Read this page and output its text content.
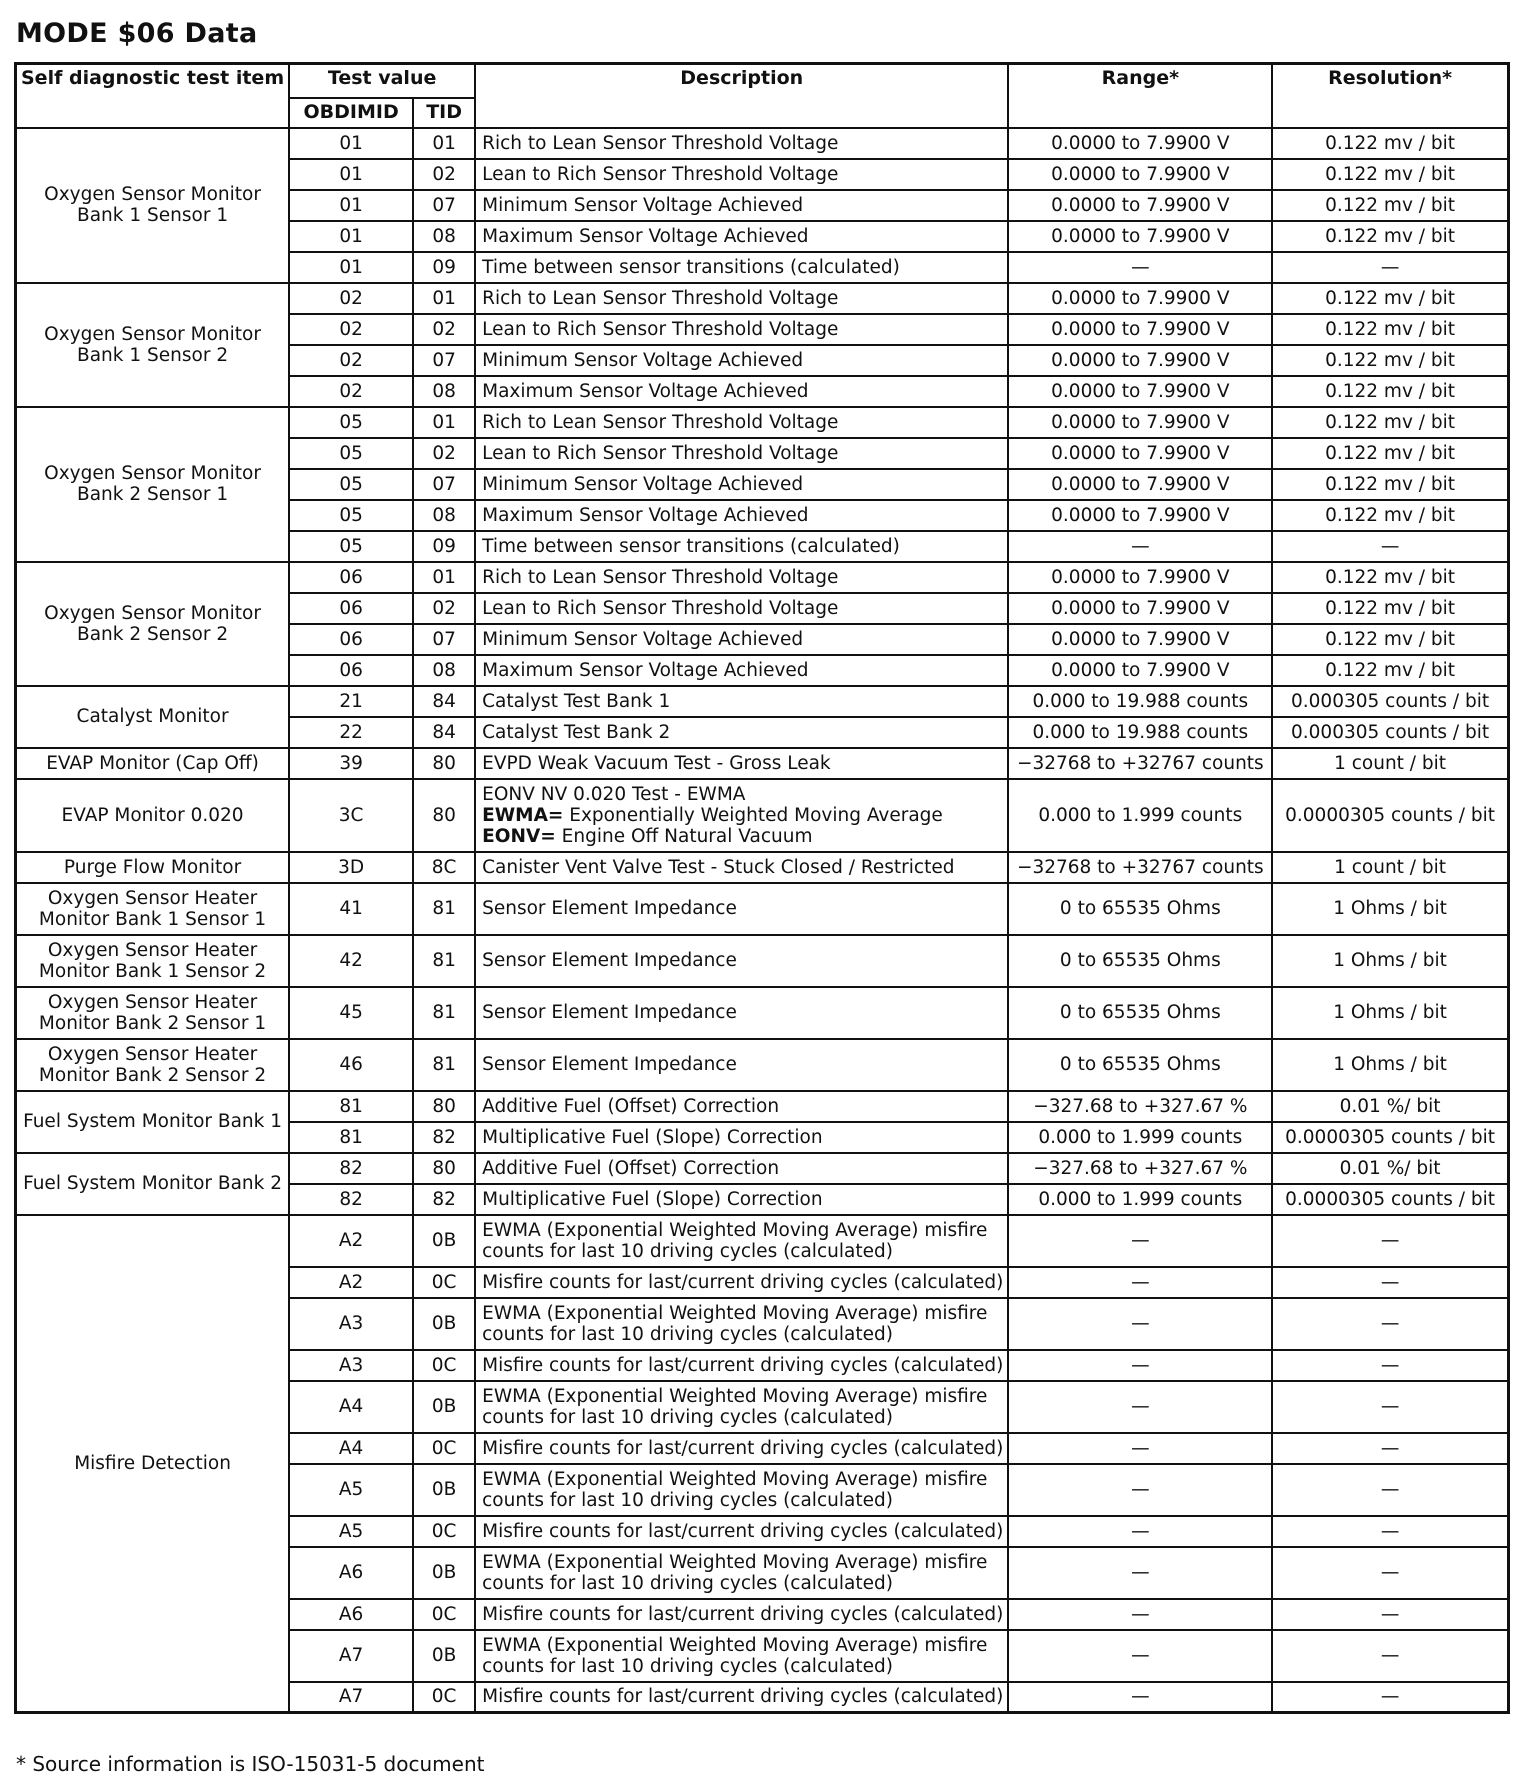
MODE $06 Data
Self diagnostic test item	Test value		Description	Range*	Resolution*
	OBDIMID	TID			
Oxygen Sensor Monitor Bank 1 Sensor 1	01	01	Rich to Lean Sensor Threshold Voltage	0.0000 to 7.9900 V	0.122 mv / bit
	01	02	Lean to Rich Sensor Threshold Voltage	0.0000 to 7.9900 V	0.122 mv / bit
	01	07	Minimum Sensor Voltage Achieved	0.0000 to 7.9900 V	0.122 mv / bit
	01	08	Maximum Sensor Voltage Achieved	0.0000 to 7.9900 V	0.122 mv / bit
	01	09	Time between sensor transitions (calculated)	—	—
Oxygen Sensor Monitor Bank 1 Sensor 2	02	01	Rich to Lean Sensor Threshold Voltage	0.0000 to 7.9900 V	0.122 mv / bit
	02	02	Lean to Rich Sensor Threshold Voltage	0.0000 to 7.9900 V	0.122 mv / bit
	02	07	Minimum Sensor Voltage Achieved	0.0000 to 7.9900 V	0.122 mv / bit
	02	08	Maximum Sensor Voltage Achieved	0.0000 to 7.9900 V	0.122 mv / bit
Oxygen Sensor Monitor Bank 2 Sensor 1	05	01	Rich to Lean Sensor Threshold Voltage	0.0000 to 7.9900 V	0.122 mv / bit
	05	02	Lean to Rich Sensor Threshold Voltage	0.0000 to 7.9900 V	0.122 mv / bit
	05	07	Minimum Sensor Voltage Achieved	0.0000 to 7.9900 V	0.122 mv / bit
	05	08	Maximum Sensor Voltage Achieved	0.0000 to 7.9900 V	0.122 mv / bit
	05	09	Time between sensor transitions (calculated)	—	—
Oxygen Sensor Monitor Bank 2 Sensor 2	06	01	Rich to Lean Sensor Threshold Voltage	0.0000 to 7.9900 V	0.122 mv / bit
	06	02	Lean to Rich Sensor Threshold Voltage	0.0000 to 7.9900 V	0.122 mv / bit
	06	07	Minimum Sensor Voltage Achieved	0.0000 to 7.9900 V	0.122 mv / bit
	06	08	Maximum Sensor Voltage Achieved	0.0000 to 7.9900 V	0.122 mv / bit
Catalyst Monitor	21	84	Catalyst Test Bank 1	0.000 to 19.988 counts	0.000305 counts / bit
	22	84	Catalyst Test Bank 2	0.000 to 19.988 counts	0.000305 counts / bit
EVAP Monitor (Cap Off)	39	80	EVPD Weak Vacuum Test - Gross Leak	−32768 to +32767 counts	1 count / bit
EVAP Monitor 0.020	3C	80	EONV NV 0.020 Test - EWMA
EWMA= Exponentially Weighted Moving Average
EONV= Engine Off Natural Vacuum	0.000 to 1.999 counts	0.0000305 counts / bit
Purge Flow Monitor	3D	8C	Canister Vent Valve Test - Stuck Closed / Restricted	−32768 to +32767 counts	1 count / bit
Oxygen Sensor Heater Monitor Bank 1 Sensor 1	41	81	Sensor Element Impedance	0 to 65535 Ohms	1 Ohms / bit
Oxygen Sensor Heater Monitor Bank 1 Sensor 2	42	81	Sensor Element Impedance	0 to 65535 Ohms	1 Ohms / bit
Oxygen Sensor Heater Monitor Bank 2 Sensor 1	45	81	Sensor Element Impedance	0 to 65535 Ohms	1 Ohms / bit
Oxygen Sensor Heater Monitor Bank 2 Sensor 2	46	81	Sensor Element Impedance	0 to 65535 Ohms	1 Ohms / bit
Fuel System Monitor Bank 1	81	80	Additive Fuel (Offset) Correction	−327.68 to +327.67 %	0.01 %/ bit
	81	82	Multiplicative Fuel (Slope) Correction	0.000 to 1.999 counts	0.0000305 counts / bit
Fuel System Monitor Bank 2	82	80	Additive Fuel (Offset) Correction	−327.68 to +327.67 %	0.01 %/ bit
	82	82	Multiplicative Fuel (Slope) Correction	0.000 to 1.999 counts	0.0000305 counts / bit
Misfire Detection	A2	0B	EWMA (Exponential Weighted Moving Average) misfire
counts for last 10 driving cycles (calculated)	—	—
	A2	0C	Misfire counts for last/current driving cycles (calculated)	—	—
	A3	0B	EWMA (Exponential Weighted Moving Average) misfire
counts for last 10 driving cycles (calculated)	—	—
	A3	0C	Misfire counts for last/current driving cycles (calculated)	—	—
	A4	0B	EWMA (Exponential Weighted Moving Average) misfire
counts for last 10 driving cycles (calculated)	—	—
	A4	0C	Misfire counts for last/current driving cycles (calculated)	—	—
	A5	0B	EWMA (Exponential Weighted Moving Average) misfire
counts for last 10 driving cycles (calculated)	—	—
	A5	0C	Misfire counts for last/current driving cycles (calculated)	—	—
	A6	0B	EWMA (Exponential Weighted Moving Average) misfire
counts for last 10 driving cycles (calculated)	—	—
	A6	0C	Misfire counts for last/current driving cycles (calculated)	—	—
	A7	0B	EWMA (Exponential Weighted Moving Average) misfire
counts for last 10 driving cycles (calculated)	—	—
	A7	0C	Misfire counts for last/current driving cycles (calculated)	—	—
* Source information is ISO-15031-5 document
